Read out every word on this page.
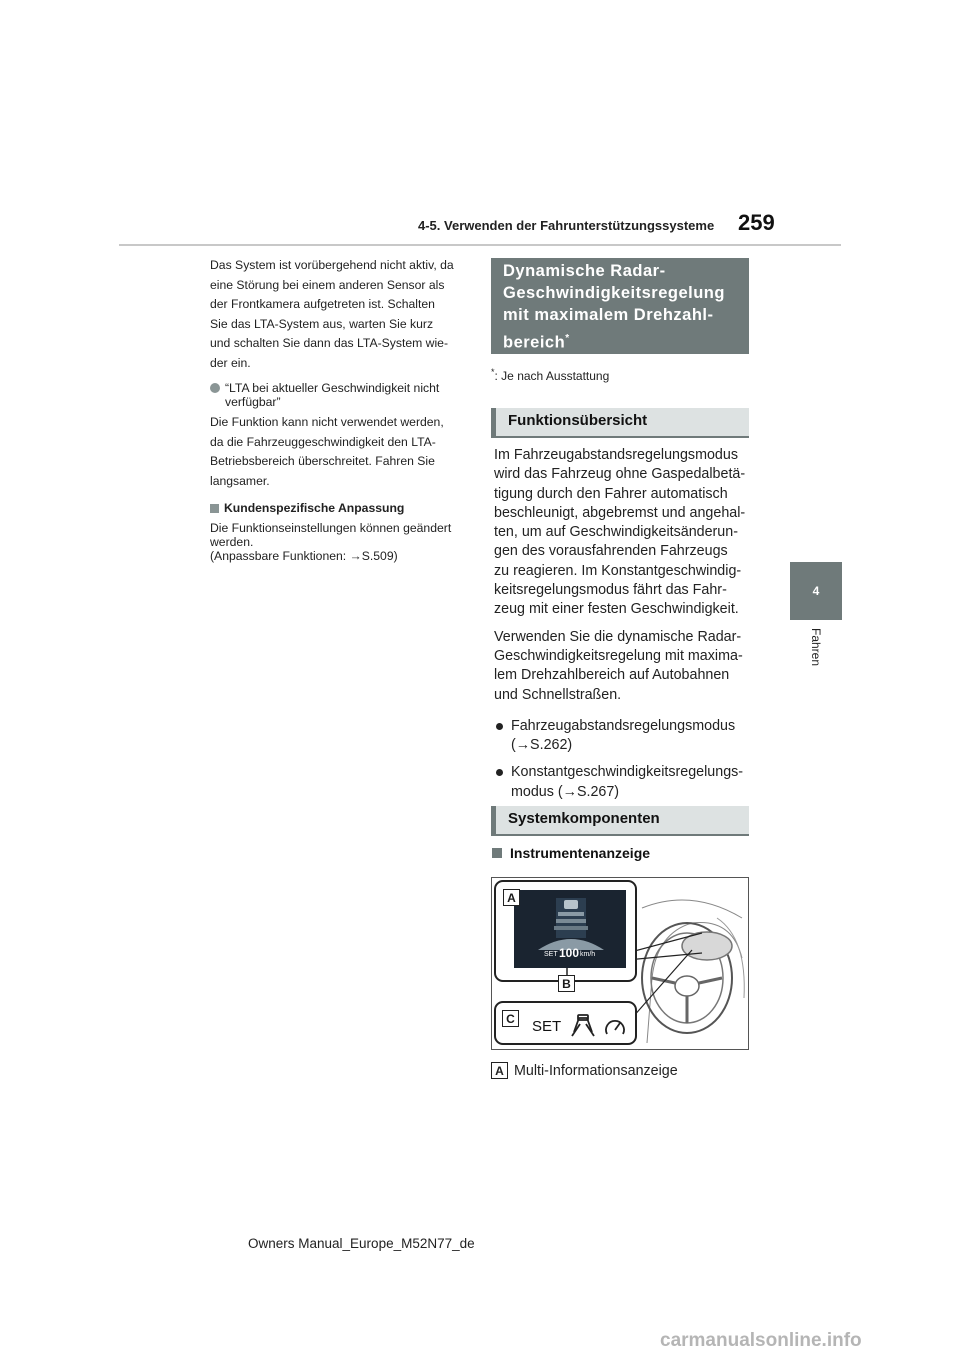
4-5. Verwenden der Fahrunterstützungssysteme 259
4
Fahren

Das System ist vorübergehend nicht aktiv, da

eine Störung bei einem anderen Sensor als

der Frontkamera aufgetreten ist. Schalten

Sie das LTA-System aus, warten Sie kurz

und schalten Sie dann das LTA-System wie-

der ein.

“LTA bei aktueller Geschwindigkeit nicht
verfügbar”

Die Funktion kann nicht verwendet werden,

da die Fahrzeuggeschwindigkeit den LTA-

Betriebsbereich überschreitet. Fahren Sie

langsamer.

Kundenspezifische Anpassung
Die Funktionseinstellungen können geändert
werden.
(Anpassbare Funktionen: →S.509)
Dynamische Radar-
Geschwindigkeitsregelung
mit maximalem Drehzahl-
bereich*
*: Je nach Ausstattung
Funktionsübersicht

Im Fahrzeugabstandsregelungsmodus

wird das Fahrzeug ohne Gaspedalbetä-

tigung durch den Fahrer automatisch

beschleunigt, abgebremst und angehal-

ten, um auf Geschwindigkeitsänderun-

gen des vorausfahrenden Fahrzeugs

zu reagieren. Im Konstantgeschwindig-

keitsregelungsmodus fährt das Fahr-

zeug mit einer festen Geschwindigkeit.

Verwenden Sie die dynamische Radar-

Geschwindigkeitsregelung mit maxima-

lem Drehzahlbereich auf Autobahnen

und Schnellstraßen.

Fahrzeugabstandsregelungsmodus
(→S.262)
Konstantgeschwindigkeitsregelungs-
modus (→S.267)
Systemkomponenten
Instrumentenanzeige
SET 100 km/h
SET
A
B
C
A Multi-Informationsanzeige
Owners Manual_Europe_M52N77_de
carmanualsonline.info
